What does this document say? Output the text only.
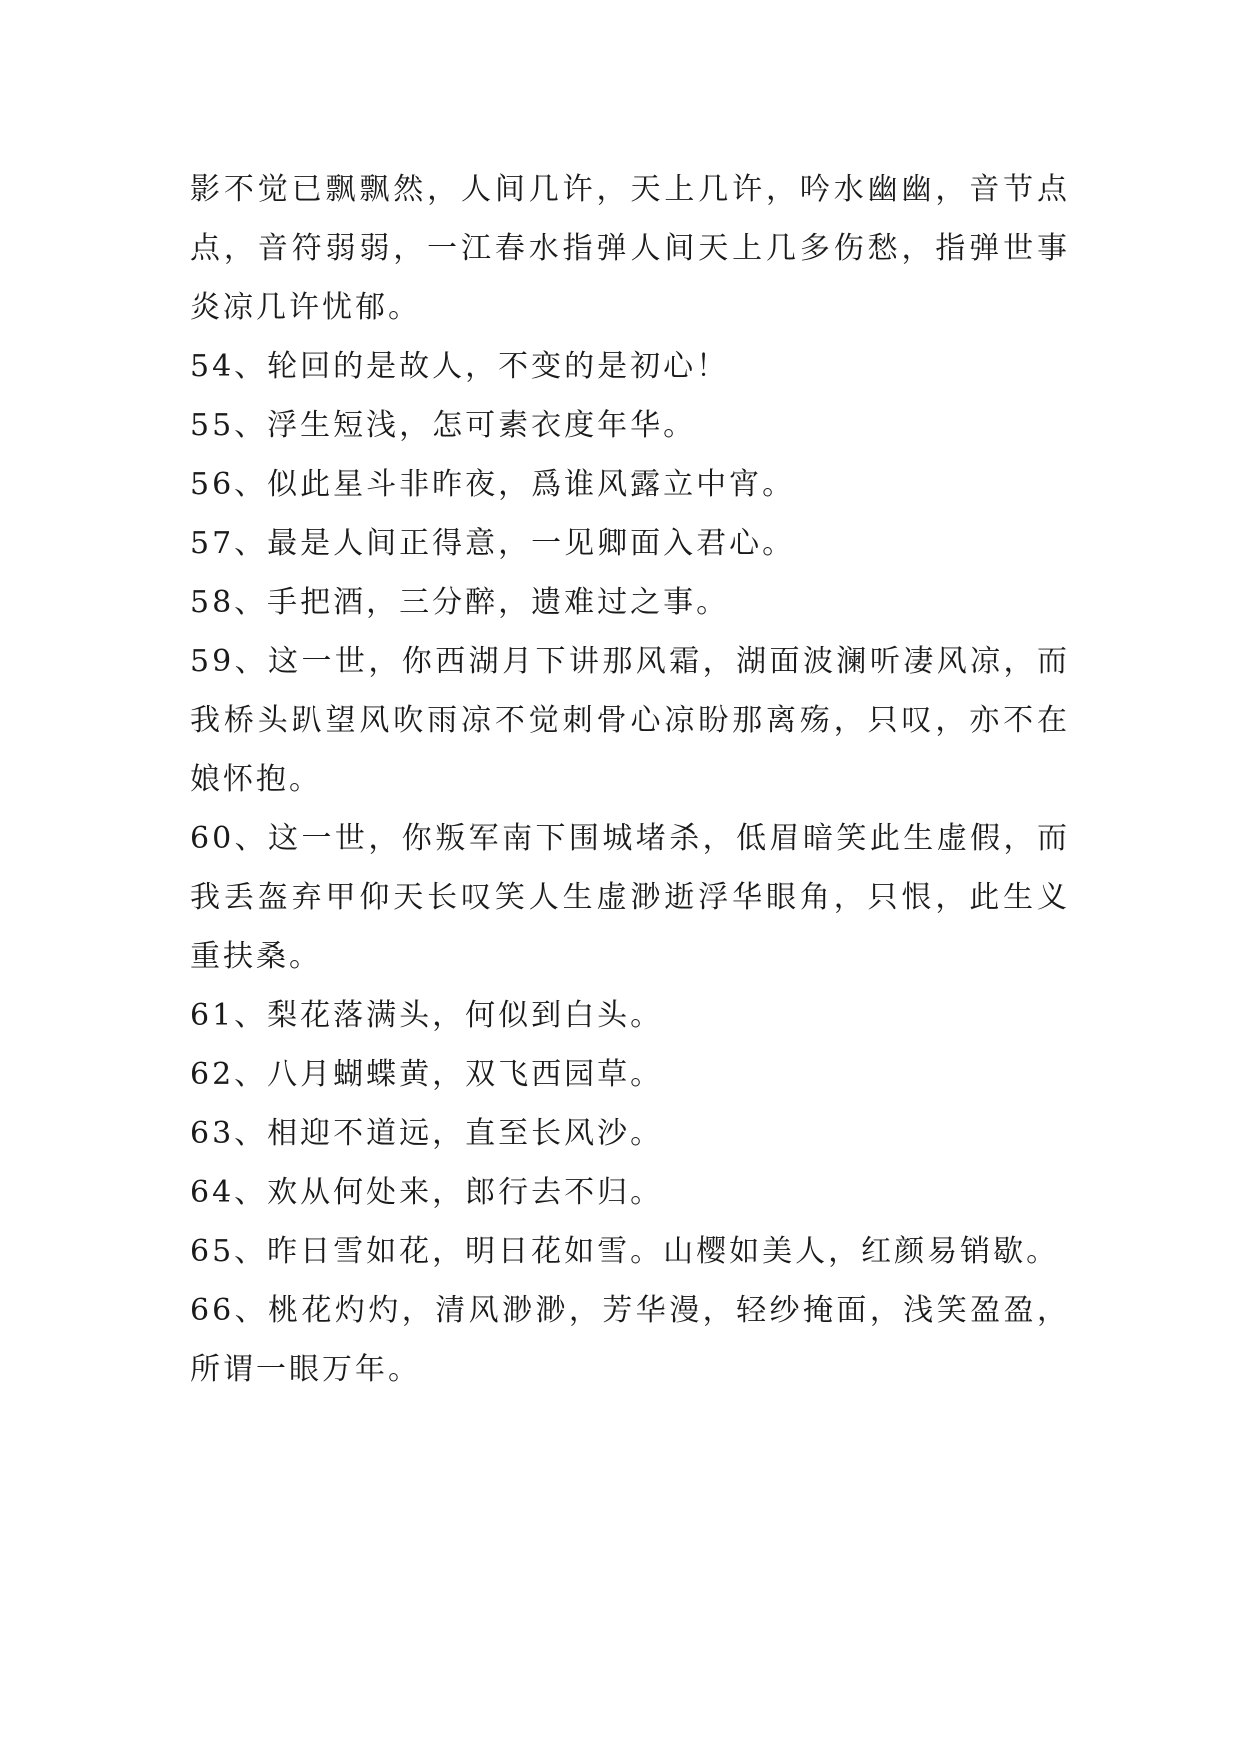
影不觉已飘飘然，人间几许，天上几许，吟水幽幽，音节点点，音符弱弱，一江春水指弹人间天上几多伤愁，指弹世事炎凉几许忧郁。

54、轮回的是故人，不变的是初心！

55、浮生短浅，怎可素衣度年华。

56、似此星斗非昨夜，爲谁风露立中宵。

57、最是人间正得意，一见卿面入君心。

58、手把酒，三分醉，遗难过之事。

59、这一世，你西湖月下讲那风霜，湖面波澜听凄风凉，而我桥头趴望风吹雨凉不觉刺骨心凉盼那离殇，只叹，亦不在娘怀抱。

60、这一世，你叛军南下围城堵杀，低眉暗笑此生虚假，而我丢盔弃甲仰天长叹笑人生虚渺逝浮华眼角，只恨，此生义重扶桑。

61、梨花落满头，何似到白头。

62、八月蝴蝶黄，双飞西园草。

63、相迎不道远，直至长风沙。

64、欢从何处来，郎行去不归。

65、昨日雪如花，明日花如雪。山樱如美人，红颜易销歇。

66、桃花灼灼，清风渺渺，芳华漫，轻纱掩面，浅笑盈盈，所谓一眼万年。
